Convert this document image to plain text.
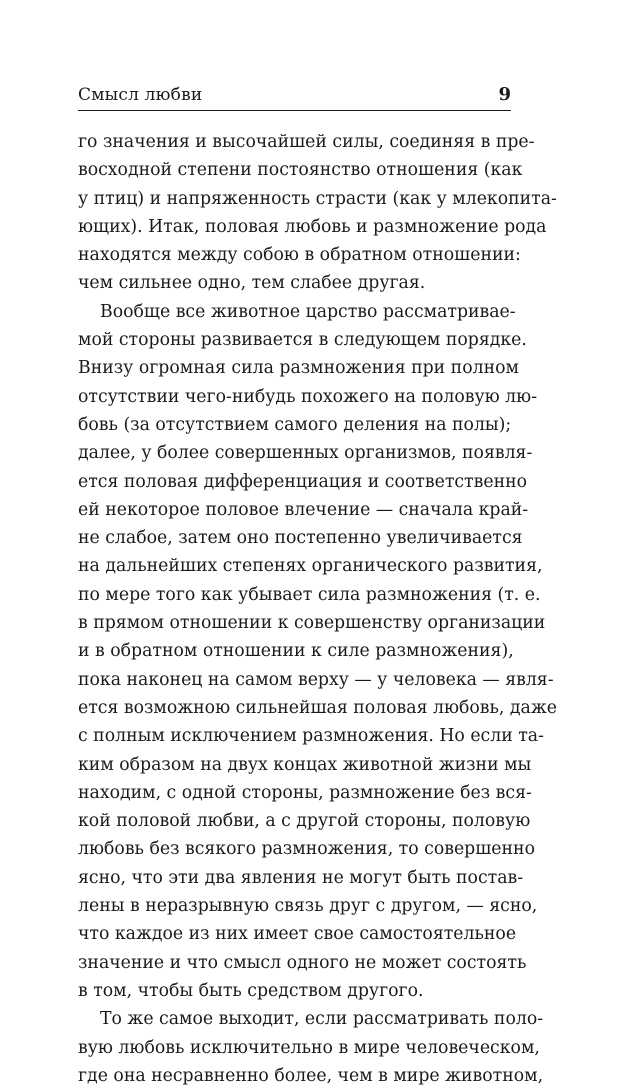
Смысл любви	9
го значения и высочайшей силы, соединяя в пре-
восходной степени постоянство отношения (как
у птиц) и напряженность страсти (как у млекопита-
ющих). Итак, половая любовь и размножение рода
находятся между собою в обратном отношении:
чем сильнее одно, тем слабее другая.
Вообще все животное царство рассматривае-
мой стороны развивается в следующем порядке.
Внизу огромная сила размножения при полном
отсутствии чего-нибудь похожего на половую лю-
бовь (за отсутствием самого деления на полы);
далее, у более совершенных организмов, появля-
ется половая дифференциация и соответственно
ей некоторое половое влечение — сначала край-
не слабое, затем оно постепенно увеличивается
на дальнейших степенях органического развития,
по мере того как убывает сила размножения (т. е.
в прямом отношении к совершенству организации
и в обратном отношении к силе размножения),
пока наконец на самом верху — у человека — явля-
ется возможною сильнейшая половая любовь, даже
с полным исключением размножения. Но если та-
ким образом на двух концах животной жизни мы
находим, с одной стороны, размножение без вся-
кой половой любви, а с другой стороны, половую
любовь без всякого размножения, то совершенно
ясно, что эти два явления не могут быть постав-
лены в неразрывную связь друг с другом, — ясно,
что каждое из них имеет свое самостоятельное
значение и что смысл одного не может состоять
в том, чтобы быть средством другого.
То же самое выходит, если рассматривать поло-
вую любовь исключительно в мире человеческом,
где она несравненно более, чем в мире животном,
